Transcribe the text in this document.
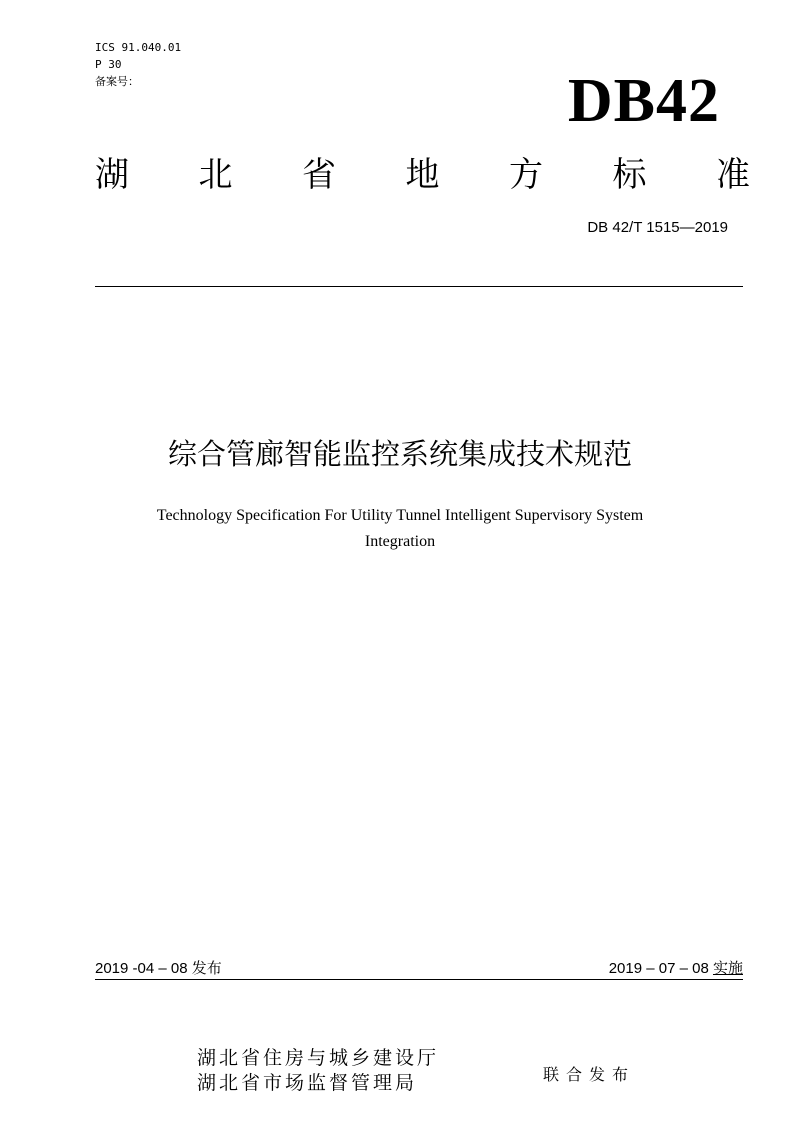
ICS 91.040.01
P 30
备案号：	DB42
湖 北 省 地 方 标 准
DB 42/T 1515—2019
综合管廊智能监控系统集成技术规范
Technology Specification For Utility Tunnel Intelligent Supervisory System
Integration
2019 -04 – 08 发布	2019 – 07 – 08 实施
湖北省住房与城乡建设厅
湖北省市场监督管理局	联合发布
